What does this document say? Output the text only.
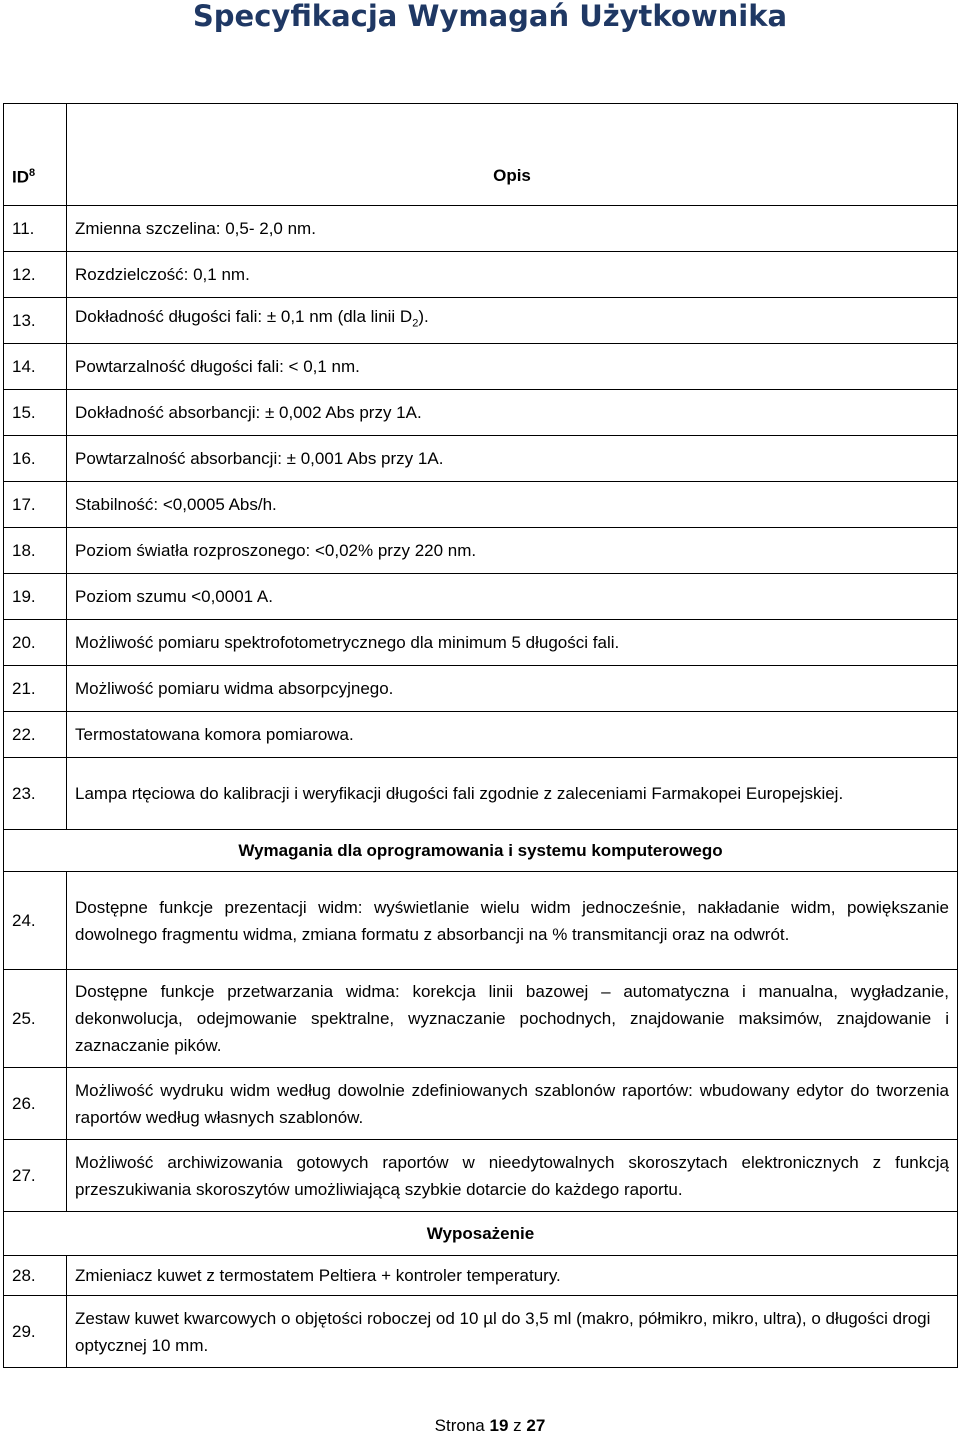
Specyfikacja Wymagań Użytkownika
$ID^8$	Opis
11.	Zmienna szczelina: 0,5- 2,0 nm.
12.	Rozdzielczość: 0,1 nm.
13.	Dokładność długości fali: ± 0,1 nm (dla linii $D_2$).
14.	Powtarzalność długości fali: < 0,1 nm.
15.	Dokładność absorbancji: ± 0,002 Abs przy 1A.
16.	Powtarzalność absorbancji: ± 0,001 Abs przy 1A.
17.	Stabilność: <0,0005 Abs/h.
18.	Poziom światła rozproszonego: <0,02% przy 220 nm.
19.	Poziom szumu <0,0001 A.
20.	Możliwość pomiaru spektrofotometrycznego dla minimum 5 długości fali.
21.	Możliwość pomiaru widma absorpcyjnego.
22.	Termostatowana komora pomiarowa.
23.	Lampa rtęciowa do kalibracji i weryfikacji długości fali zgodnie z zaleceniami Farmakopei Europejskiej.
Wymagania dla oprogramowania i systemu komputerowego	
24.	Dostępne funkcje prezentacji widm: wyświetlanie wielu widm jednocześnie, nakładanie widm, powiększanie dowolnego fragmentu widma, zmiana formatu z absorbancji na % transmitancji oraz na odwrót.
25.	Dostępne funkcje przetwarzania widma: korekcja linii bazowej – automatyczna i manualna, wygładzanie, dekonwolucja, odejmowanie spektralne, wyznaczanie pochodnych, znajdowanie maksimów, znajdowanie i zaznaczanie pików.
26.	Możliwość wydruku widm według dowolnie zdefiniowanych szablonów raportów: wbudowany edytor do tworzenia raportów według własnych szablonów.
27.	Możliwość archiwizowania gotowych raportów w nieedytowalnych skoroszytach elektronicznych z funkcją przeszukiwania skoroszytów umożliwiającą szybkie dotarcie do każdego raportu.
Wyposażenie	
28.	Zmieniacz kuwet z termostatem Peltiera + kontroler temperatury.
29.	Zestaw kuwet kwarcowych o objętości roboczej od 10 µl do 3,5 ml (makro, półmikro, mikro, ultra), o długości drogi optycznej 10 mm.
Strona 19 z 27
